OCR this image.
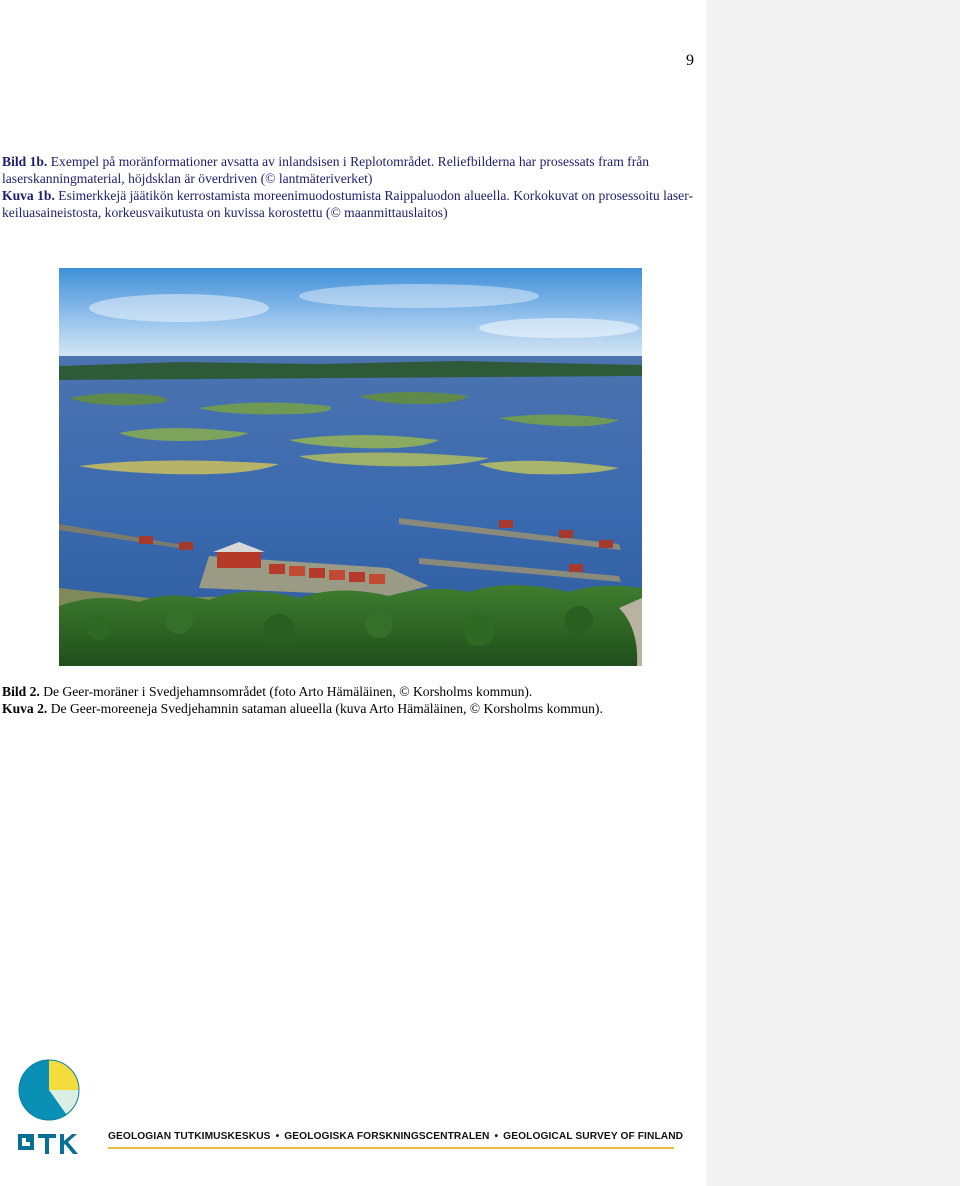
9

Bild 1b. Exempel på moränformationer avsatta av inlandsisen i Replotområdet. Reliefbilderna har prosessats fram från laserskanningmaterial, höjdsklan är överdriven (© lantmäteriverket)

Kuva 1b. Esimerkkejä jäätikön kerrostamista moreenimuodostumista Raippaluodon alueella. Korkokuvat on prosessoitu laser-keiluasaineistosta, korkeusvaikutusta on kuvissa korostettu (© maanmittauslaitos)

Bild 2. De Geer-moräner i Svedjehamnsområdet (foto Arto Hämäläinen, © Korsholms kommun).

Kuva 2. De Geer-moreeneja Svedjehamnin sataman alueella (kuva Arto Hämäläinen, © Korsholms kommun).

GEOLOGIAN TUTKIMUSKESKUS • GEOLOGISKA FORSKNINGSCENTRALEN • GEOLOGICAL SURVEY OF FINLAND
